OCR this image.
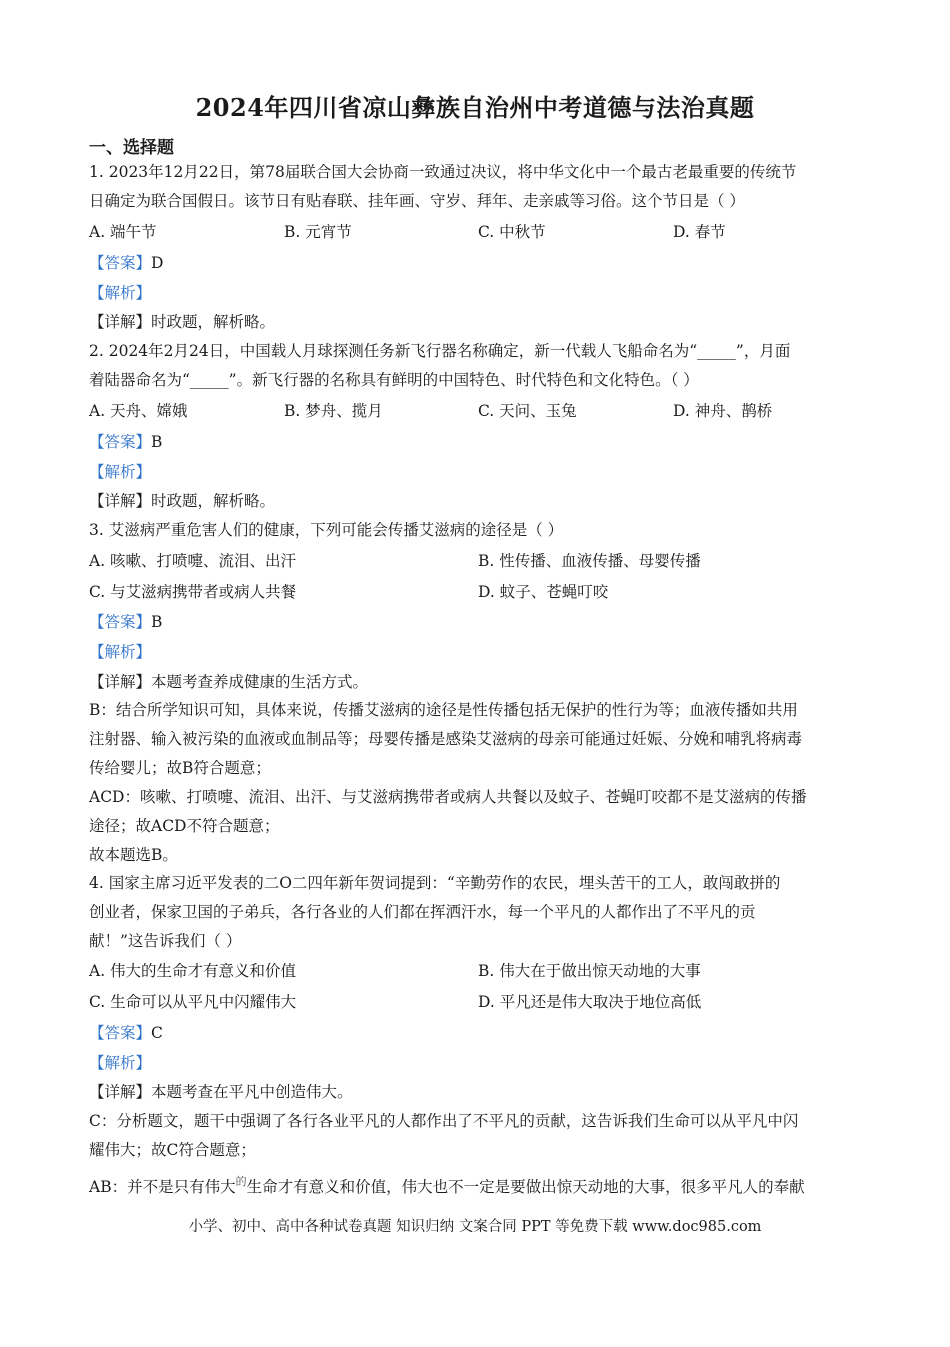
2024年四川省凉山彝族自治州中考道德与法治真题
一、选择题
1. 2023年12月22日，第78届联合国大会协商一致通过决议，将中华文化中一个最古老最重要的传统节
日确定为联合国假日。该节日有贴春联、挂年画、守岁、拜年、走亲戚等习俗。这个节日是（ ）
A. 端午节	B. 元宵节	C. 中秋节	D. 春节
【答案】D
【解析】
【详解】时政题，解析略。
2. 2024年2月24日，中国载人月球探测任务新飞行器名称确定，新一代载人飞船命名为“_____”，月面
着陆器命名为“_____”。新飞行器的名称具有鲜明的中国特色、时代特色和文化特色。（ ）
A. 天舟、嫦娥	B. 梦舟、揽月	C. 天问、玉兔	D. 神舟、鹊桥
【答案】B
【解析】
【详解】时政题，解析略。
3. 艾滋病严重危害人们的健康，下列可能会传播艾滋病的途径是（ ）
A. 咳嗽、打喷嚏、流泪、出汗	B. 性传播、血液传播、母婴传播
C. 与艾滋病携带者或病人共餐	D. 蚊子、苍蝇叮咬
【答案】B
【解析】
【详解】本题考查养成健康的生活方式。
B：结合所学知识可知，具体来说，传播艾滋病的途径是性传播包括无保护的性行为等；血液传播如共用
注射器、输入被污染的血液或血制品等；母婴传播是感染艾滋病的母亲可能通过妊娠、分娩和哺乳将病毒
传给婴儿；故B符合题意；
ACD：咳嗽、打喷嚏、流泪、出汗、与艾滋病携带者或病人共餐以及蚊子、苍蝇叮咬都不是艾滋病的传播
途径；故ACD不符合题意；
故本题选B。
4. 国家主席习近平发表的二O二四年新年贺词提到：“辛勤劳作的农民，埋头苦干的工人，敢闯敢拼的
创业者，保家卫国的子弟兵，各行各业的人们都在挥洒汗水，每一个平凡的人都作出了不平凡的贡
献！”这告诉我们（ ）
A. 伟大的生命才有意义和价值	B. 伟大在于做出惊天动地的大事
C. 生命可以从平凡中闪耀伟大	D. 平凡还是伟大取决于地位高低
【答案】C
【解析】
【详解】本题考查在平凡中创造伟大。
C：分析题文，题干中强调了各行各业平凡的人都作出了不平凡的贡献，这告诉我们生命可以从平凡中闪
耀伟大；故C符合题意；
AB：并不是只有伟大$^的$生命才有意义和价值，伟大也不一定是要做出惊天动地的大事，很多平凡人的奉献
小学、初中、高中各种试卷真题 知识归纳 文案合同 PPT 等免费下载 www.doc985.com
